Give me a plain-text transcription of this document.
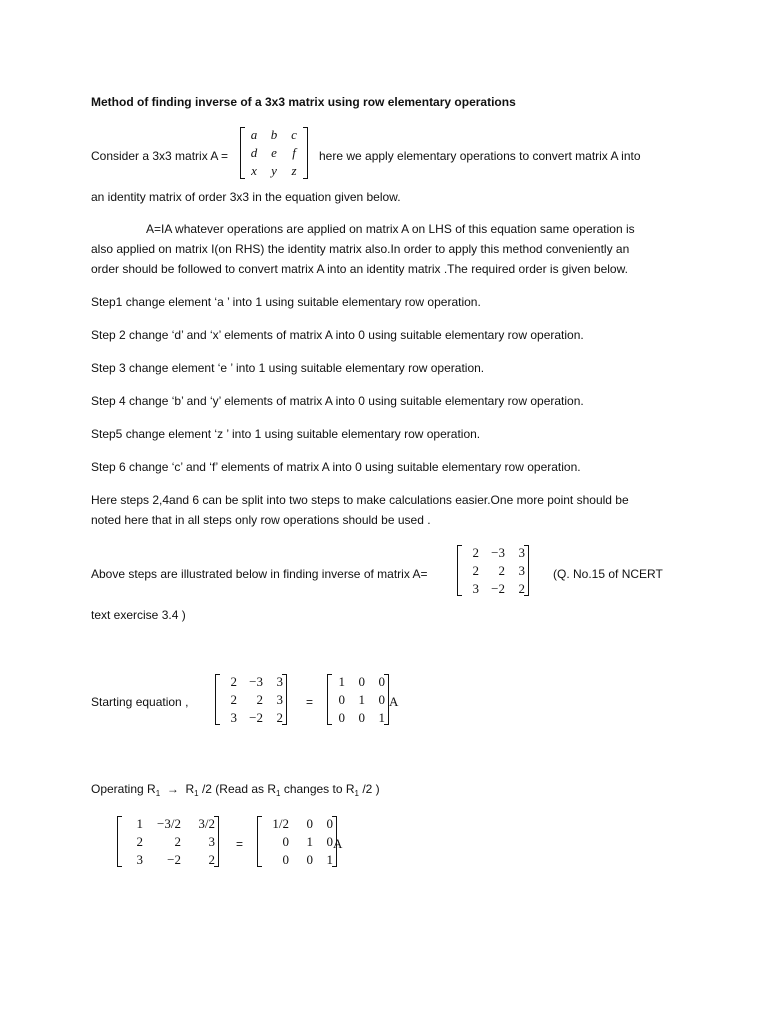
Method of finding inverse of a 3x3 matrix using row elementary operations
Consider a 3x3 matrix A =
a	b	c
d	e	f
x	y	z
here we apply elementary operations to convert matrix A into
an identity matrix of order 3x3 in the equation given below.
A=IA whatever operations are applied on matrix A on LHS of this equation same operation is
also applied on matrix I(on RHS) the identity matrix also.In order to apply this method conveniently an
order should be followed to convert matrix A into an identity matrix .The required order is given below.
Step1 change element ‘a ’ into 1 using suitable elementary row operation.
Step 2 change ‘d’ and ‘x’ elements of matrix A into 0 using suitable elementary row operation.
Step 3 change element ‘e ’ into 1 using suitable elementary row operation.
Step 4 change ‘b’ and ‘y’ elements of matrix A into 0 using suitable elementary row operation.
Step5 change element ‘z ’ into 1 using suitable elementary row operation.
Step 6 change ‘c’ and ‘f’ elements of matrix A into 0 using suitable elementary row operation.
Here steps 2,4and 6 can be split into two steps to make calculations easier.One more point should be
noted here that in all steps only row operations should be used .
Above steps are illustrated below in finding inverse of matrix A=
2 −3	3
2	2	3
3 −2	2
(Q. No.15 of NCERT
text exercise 3.4 )
Starting equation ,
2 −3	3
2	2	3
3 −2	2
=
1	0	0
0	1	0
0	0	1
A
Operating $R_1 \to R_1$ /2 (Read as $R_1$ changes to $R_1$ /2 )
1	−3/2	3/2
2	2	3
3	−2	2
=
1/2	0	0
0	1	0
0	0	1
A
